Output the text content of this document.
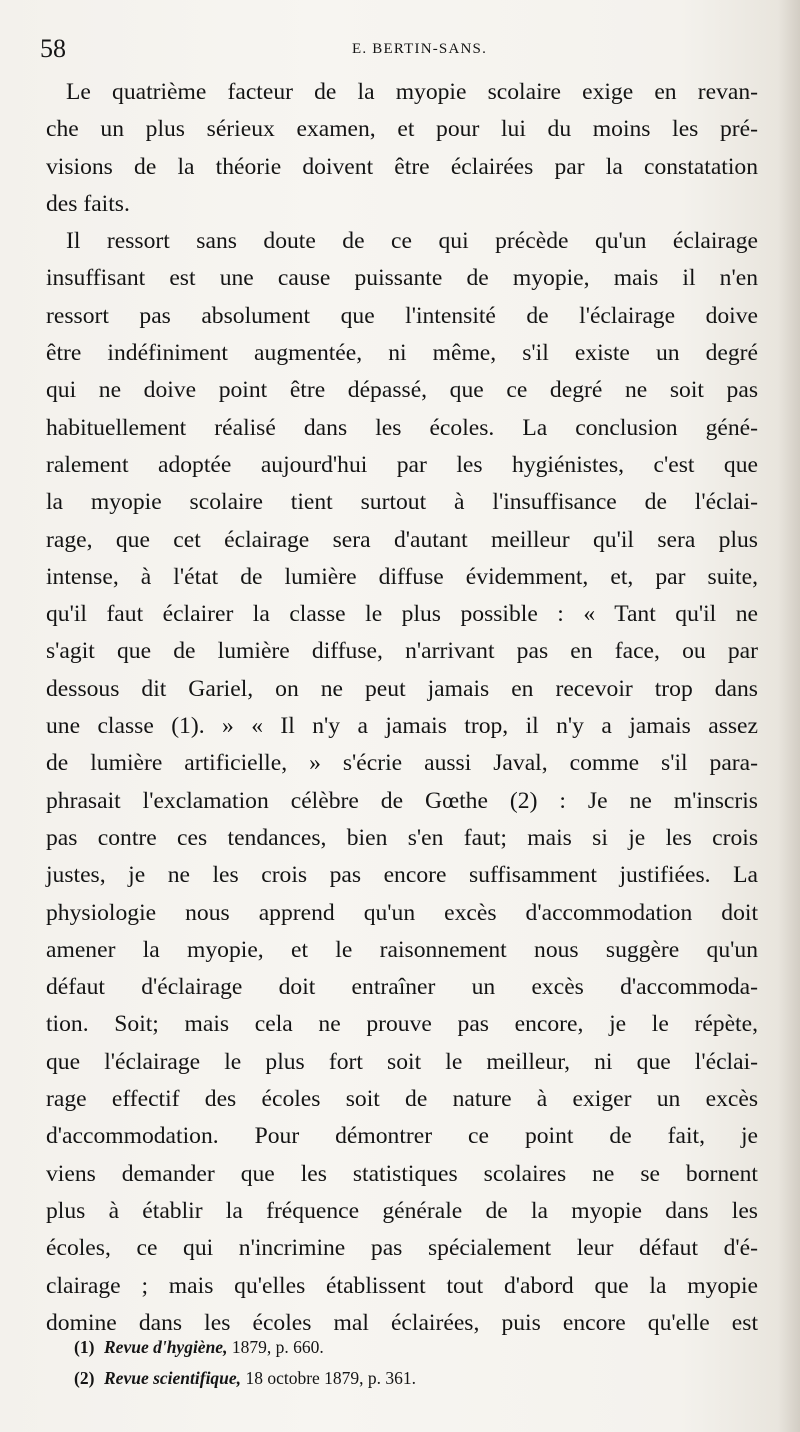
58	E. BERTIN-SANS.
Le quatrième facteur de la myopie scolaire exige en revan-
che un plus sérieux examen, et pour lui du moins les pré-
visions de la théorie doivent être éclairées par la constatation
des faits.
Il ressort sans doute de ce qui précède qu'un éclairage
insuffisant est une cause puissante de myopie, mais il n'en
ressort pas absolument que l'intensité de l'éclairage doive
être indéfiniment augmentée, ni même, s'il existe un degré
qui ne doive point être dépassé, que ce degré ne soit pas
habituellement réalisé dans les écoles. La conclusion géné-
ralement adoptée aujourd'hui par les hygiénistes, c'est que
la myopie scolaire tient surtout à l'insuffisance de l'éclai-
rage, que cet éclairage sera d'autant meilleur qu'il sera plus
intense, à l'état de lumière diffuse évidemment, et, par suite,
qu'il faut éclairer la classe le plus possible : « Tant qu'il ne
s'agit que de lumière diffuse, n'arrivant pas en face, ou par
dessous dit Gariel, on ne peut jamais en recevoir trop dans
une classe (1). » « Il n'y a jamais trop, il n'y a jamais assez
de lumière artificielle, » s'écrie aussi Javal, comme s'il para-
phrasait l'exclamation célèbre de Gœthe (2) : Je ne m'inscris
pas contre ces tendances, bien s'en faut; mais si je les crois
justes, je ne les crois pas encore suffisamment justifiées. La
physiologie nous apprend qu'un excès d'accommodation doit
amener la myopie, et le raisonnement nous suggère qu'un
défaut d'éclairage doit entraîner un excès d'accommoda-
tion. Soit; mais cela ne prouve pas encore, je le répète,
que l'éclairage le plus fort soit le meilleur, ni que l'éclai-
rage effectif des écoles soit de nature à exiger un excès
d'accommodation. Pour démontrer ce point de fait, je
viens demander que les statistiques scolaires ne se bornent
plus à établir la fréquence générale de la myopie dans les
écoles, ce qui n'incrimine pas spécialement leur défaut d'é-
clairage ; mais qu'elles établissent tout d'abord que la myopie
domine dans les écoles mal éclairées, puis encore qu'elle est
(1) Revue d'hygiène, 1879, p. 660.
(2) Revue scientifique, 18 octobre 1879, p. 361.
